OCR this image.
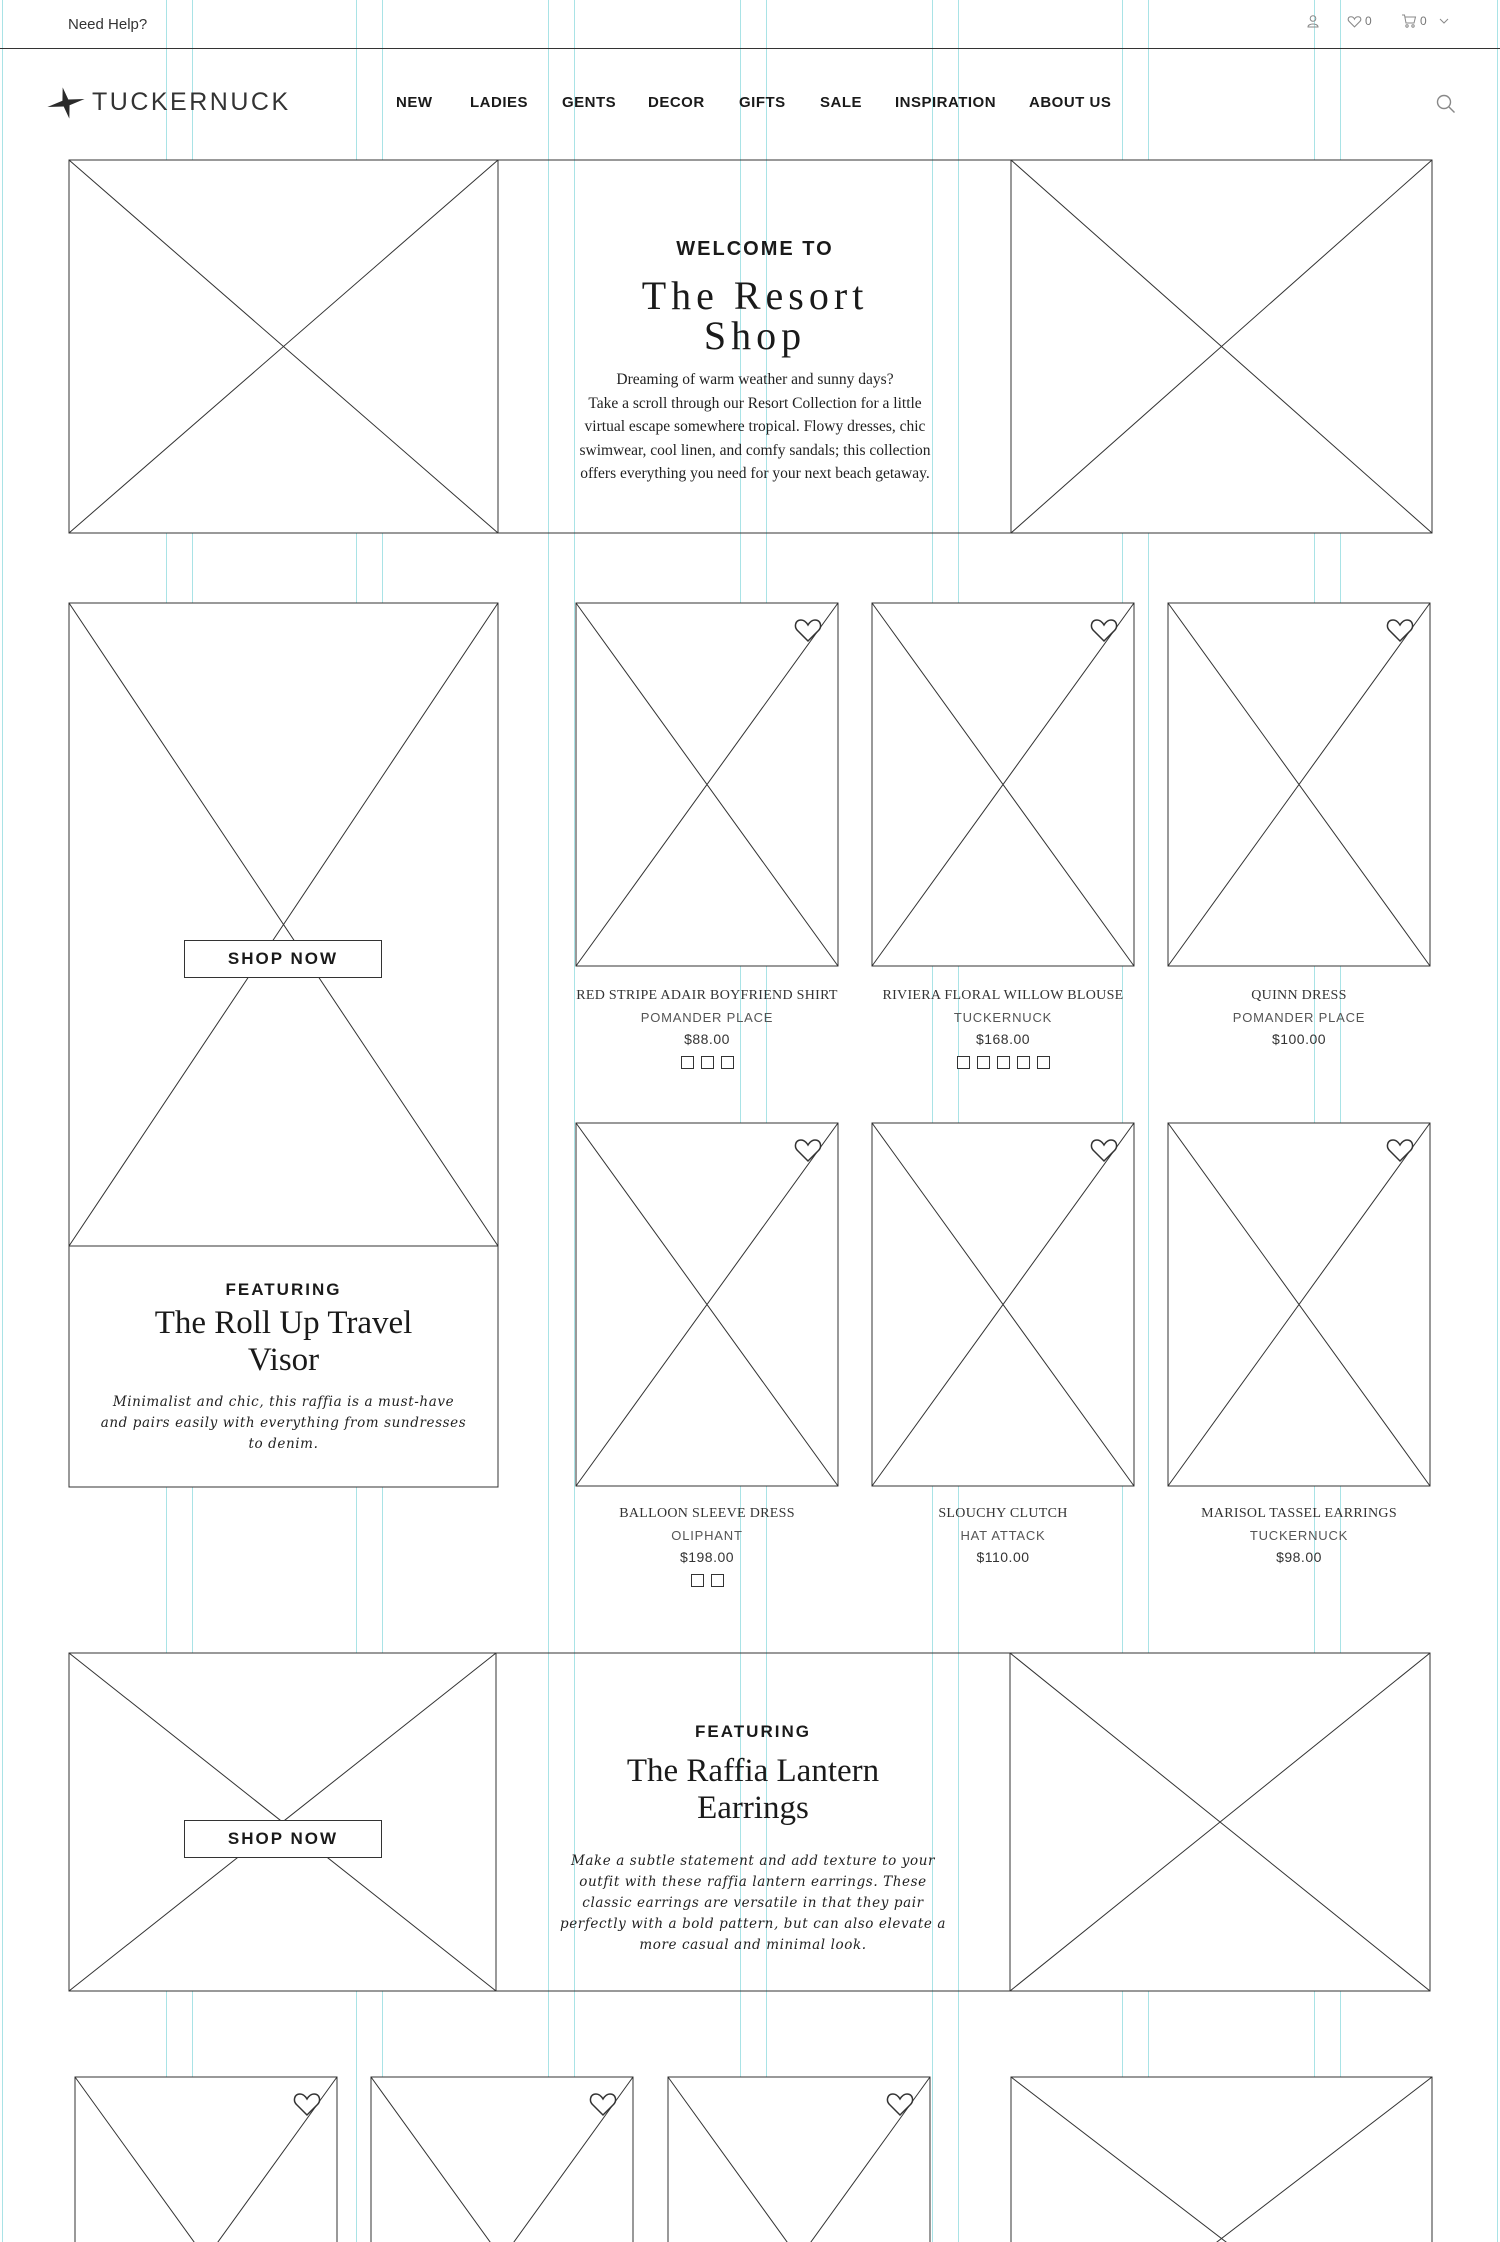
Need Help?	0	0
TUCKERNUCK	NEW	LADIES GENTS DECOR GIFTS SALE INSPIRATION ABOUT US
WELCOME TO
The Resort
Shop
Dreaming of warm weather and sunny days?
Take a scroll through our Resort Collection for a little
virtual escape somewhere tropical. Flowy dresses, chic
swimwear, cool linen, and comfy sandals; this collection
offers everything you need for your next beach getaway.
SHOP NOW
FEATURING
The Roll Up Travel
Visor
Minimalist and chic, this raffia is a must-have
and pairs easily with everything from sundresses
to denim.
RED STRIPE ADAIR BOYFRIEND SHIRT
POMANDER PLACE
$88.00
RIVIERA FLORAL WILLOW BLOUSE
TUCKERNUCK
$168.00
QUINN DRESS
POMANDER PLACE
$100.00
BALLOON SLEEVE DRESS
OLIPHANT
$198.00
SLOUCHY CLUTCH
HAT ATTACK
$110.00
MARISOL TASSEL EARRINGS
TUCKERNUCK
$98.00
SHOP NOW
FEATURING
The Raffia Lantern
Earrings
Make a subtle statement and add texture to your
outfit with these raffia lantern earrings. These
classic earrings are versatile in that they pair
perfectly with a bold pattern, but can also elevate a
more casual and minimal look.
